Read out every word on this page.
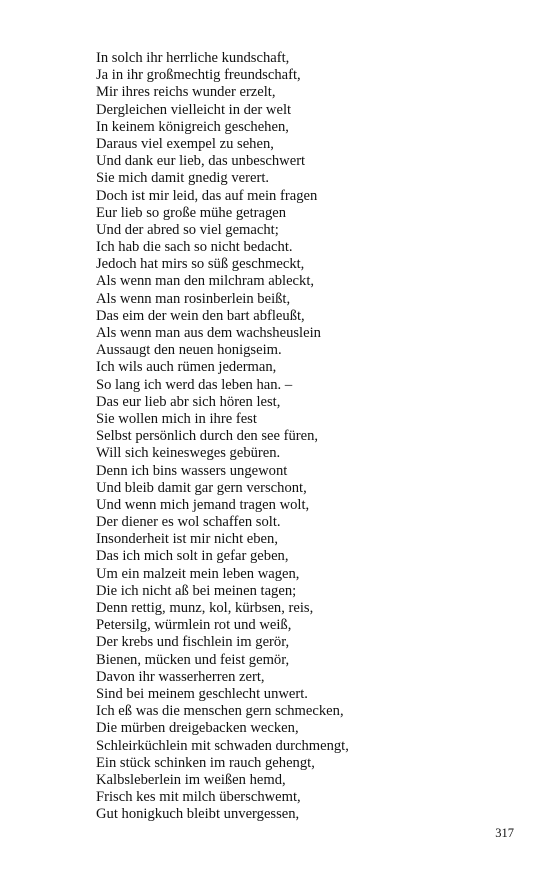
In solch ihr herrliche kundschaft,
Ja in ihr großmechtig freundschaft,
Mir ihres reichs wunder erzelt,
Dergleichen vielleicht in der welt
In keinem königreich geschehen,
Daraus viel exempel zu sehen,
Und dank eur lieb, das unbeschwert
Sie mich damit gnedig verert.
Doch ist mir leid, das auf mein fragen
Eur lieb so große mühe getragen
Und der abred so viel gemacht;
Ich hab die sach so nicht bedacht.
Jedoch hat mirs so süß geschmeckt,
Als wenn man den milchram ableckt,
Als wenn man rosinberlein beißt,
Das eim der wein den bart abfleußt,
Als wenn man aus dem wachsheuslein
Aussaugt den neuen honigseim.
Ich wils auch rümen jederman,
So lang ich werd das leben han. –
Das eur lieb abr sich hören lest,
Sie wollen mich in ihre fest
Selbst persönlich durch den see füren,
Will sich keinesweges gebüren.
Denn ich bins wassers ungewont
Und bleib damit gar gern verschont,
Und wenn mich jemand tragen wolt,
Der diener es wol schaffen solt.
Insonderheit ist mir nicht eben,
Das ich mich solt in gefar geben,
Um ein malzeit mein leben wagen,
Die ich nicht aß bei meinen tagen;
Denn rettig, munz, kol, kürbsen, reis,
Petersilg, würmlein rot und weiß,
Der krebs und fischlein im gerör,
Bienen, mücken und feist gemör,
Davon ihr wasserherren zert,
Sind bei meinem geschlecht unwert.
Ich eß was die menschen gern schmecken,
Die mürben dreigebacken wecken,
Schleirküchlein mit schwaden durchmengt,
Ein stück schinken im rauch gehengt,
Kalbsleberlein im weißen hemd,
Frisch kes mit milch überschwemt,
Gut honigkuch bleibt unvergessen,
317
